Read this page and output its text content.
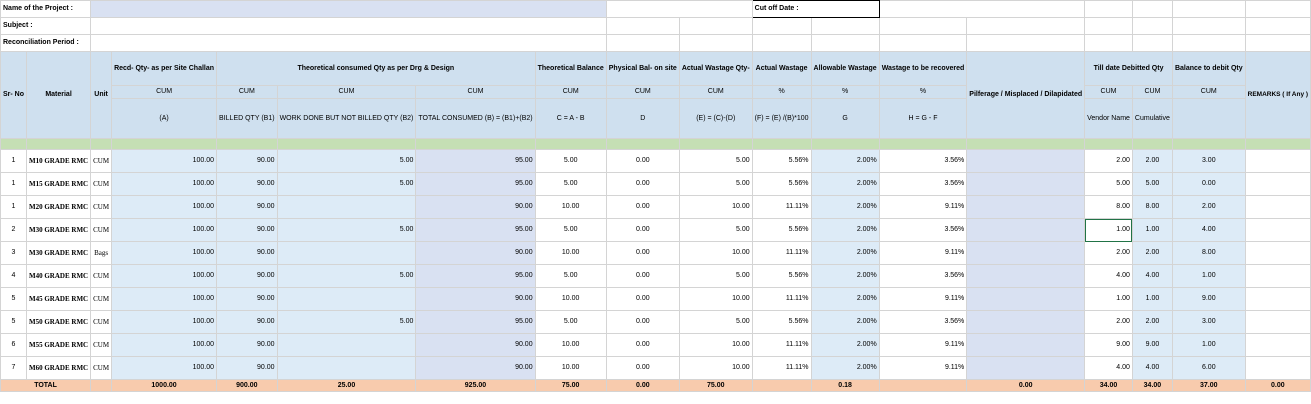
Name of the Project :										Cut off Date :							
Subject :																	
Reconciliation Period :																	
Sr- No	Material	Unit	Recd- Qty- as per Site Challan	Theoretical consumed Qty as per Drg & Design			Theoretical Balance	Physical Bal- on site	Actual Wastage Qty-	Actual Wastage	Allowable Wastage	Wastage to be recovered	Pilferage / Misplaced / Dilapidated	Till date Debitted Qty		Balance to debit Qty	REMARKS ( If Any )
			CUM	CUM	CUM	CUM	CUM	CUM	CUM	%	%	%		CUM	CUM	CUM	
			(A)	BILLED QTY (B1)	WORK DONE BUT NOT BILLED QTY (B2)	TOTAL CONSUMED (B) = (B1)+(B2)	C = A - B	D	(E) = (C)-(D)	(F) = (E) /(B)*100	G	H = G - F		Vendor Name	Cumulative		

1	M10 GRADE RMC	CUM	100.00	90.00	5.00	95.00	5.00	0.00	5.00	5.56%	2.00%	3.56%		2.00	2.00	3.00	
1	M15 GRADE RMC	CUM	100.00	90.00	5.00	95.00	5.00	0.00	5.00	5.56%	2.00%	3.56%		5.00	5.00	0.00	
1	M20 GRADE RMC	CUM	100.00	90.00		90.00	10.00	0.00	10.00	11.11%	2.00%	9.11%		8.00	8.00	2.00	
2	M30 GRADE RMC	CUM	100.00	90.00	5.00	95.00	5.00	0.00	5.00	5.56%	2.00%	3.56%		1.00	1.00	4.00	
3	M30 GRADE RMC	Bags	100.00	90.00		90.00	10.00	0.00	10.00	11.11%	2.00%	9.11%		2.00	2.00	8.00	
4	M40 GRADE RMC	CUM	100.00	90.00	5.00	95.00	5.00	0.00	5.00	5.56%	2.00%	3.56%		4.00	4.00	1.00	
5	M45 GRADE RMC	CUM	100.00	90.00		90.00	10.00	0.00	10.00	11.11%	2.00%	9.11%		1.00	1.00	9.00	
5	M50 GRADE RMC	CUM	100.00	90.00	5.00	95.00	5.00	0.00	5.00	5.56%	2.00%	3.56%		2.00	2.00	3.00	
6	M55 GRADE RMC	CUM	100.00	90.00		90.00	10.00	0.00	10.00	11.11%	2.00%	9.11%		9.00	9.00	1.00	
7	M60 GRADE RMC	CUM	100.00	90.00		90.00	10.00	0.00	10.00	11.11%	2.00%	9.11%		4.00	4.00	6.00	
TOTAL			1000.00	900.00	25.00	925.00	75.00	0.00	75.00		0.18		0.00	34.00	34.00	37.00	0.00
